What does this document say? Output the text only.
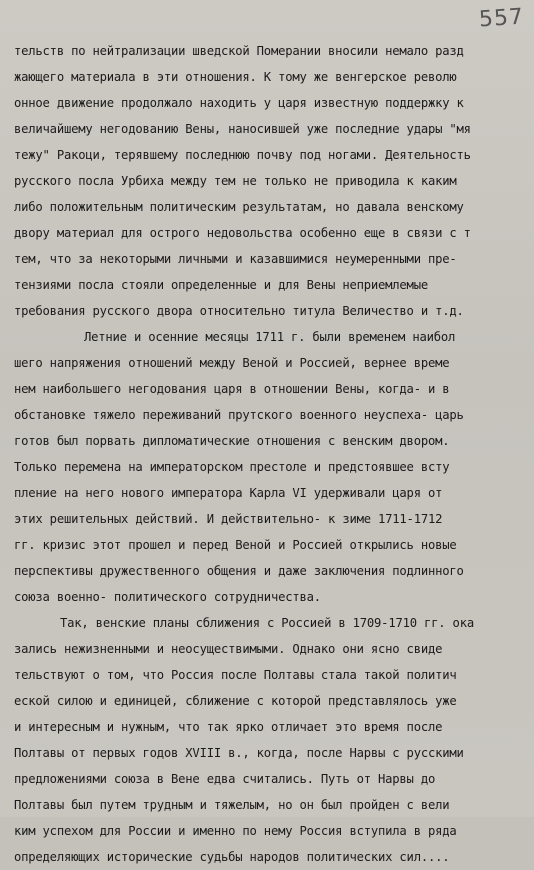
557
тельств по нейтрализации шведской Померании вносили немало разд
жающего материала в эти отношения. К тому же венгерское револю
онное движение продолжало находить у царя известную поддержку к
величайшему негодованию Вены, наносившей уже последние удары "мя
тежу" Ракоци, терявшему последнюю почву под ногами. Деятельность
русского посла Урбиха между тем не только не приводила к каким
либо положительным политическим результатам, но давала венскому
двору материал для острого недовольства особенно еще в связи с т
тем, что за некоторыми личными и казавшимися неумеренными пре-
тензиями посла стояли определенные и для Вены неприемлемые
требования русского двора относительно титула Величество и т.д.
Летние и осенние месяцы 1711 г. были временем наибол
шего напряжения отношений между Веной и Россией, вернее време
нем наибольшего негодования царя в отношении Вены, когда- и в
обстановке тяжело переживаний прутского военного неуспеха- царь
готов был порвать дипломатические отношения с венским двором.
Только перемена на императорском престоле и предстоявшее всту
пление на него нового императора Карла VI удерживали царя от
этих решительных действий. И действительно- к зиме 1711-1712
гг. кризис этот прошел и перед Веной и Россией открылись новые
перспективы дружественного общения и даже заключения подлинного
союза военно- политического сотрудничества.
Так, венские планы сближения с Россией в 1709-1710 гг. ока
зались нежизненными и неосуществимыми. Однако они ясно свиде
тельствуют о том, что Россия после Полтавы стала такой политич
еской силою и единицей, сближение с которой представлялось уже
и интересным и нужным, что так ярко отличает это время после
Полтавы от первых годов XVIII в., когда, после Нарвы с русскими
предложениями союза в Вене едва считались. Путь от Нарвы до
Полтавы был путем трудным и тяжелым, но он был пройден с вели
ким успехом для России и именно по нему Россия вступила в ряда
определяющих исторические судьбы народов политических сил....
